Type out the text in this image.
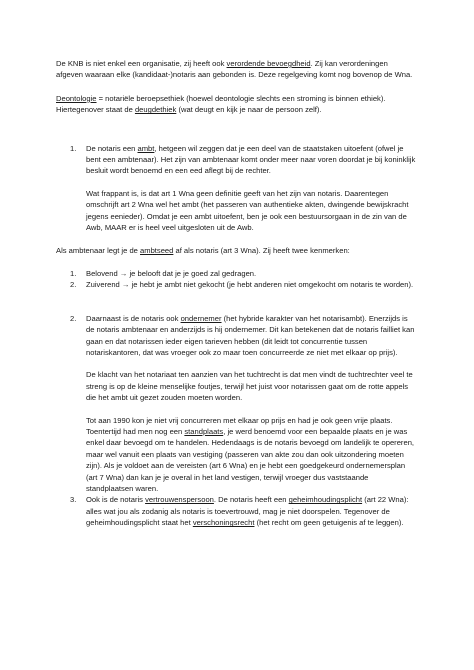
De KNB is niet enkel een organisatie, zij heeft ook verordende bevoegdheid. Zij kan verordeningen afgeven waaraan elke (kandidaat-)notaris aan gebonden is. Deze regelgeving komt nog bovenop de Wna.

Deontologie = notariële beroepsethiek (hoewel deontologie slechts een stroming is binnen ethiek). Hiertegenover staat de deugdethiek (wat deugt en kijk je naar de persoon zelf).

1. De notaris een ambt, hetgeen wil zeggen dat je een deel van de staatstaken uitoefent (ofwel je bent een ambtenaar). Het zijn van ambtenaar komt onder meer naar voren doordat je bij koninklijk besluit wordt benoemd en een eed aflegt bij de rechter.

Wat frappant is, is dat art 1 Wna geen definitie geeft van het zijn van notaris. Daarentegen omschrijft art 2 Wna wel het ambt (het passeren van authentieke akten, dwingende bewijskracht jegens eenieder). Omdat je een ambt uitoefent, ben je ook een bestuursorgaan in de zin van de Awb, MAAR er is heel veel uitgesloten uit de Awb.

Als ambtenaar legt je de ambtseed af als notaris (art 3 Wna). Zij heeft twee kenmerken:

1. Belovend → je belooft dat je je goed zal gedragen.
2. Zuiverend → je hebt je ambt niet gekocht (je hebt anderen niet omgekocht om notaris te worden).
2. Daarnaast is de notaris ook ondernemer (het hybride karakter van het notarisambt). Enerzijds is de notaris ambtenaar en anderzijds is hij ondernemer. Dit kan betekenen dat de notaris failliet kan gaan en dat notarissen ieder eigen tarieven hebben (dit leidt tot concurrentie tussen notariskantoren, dat was vroeger ook zo maar toen concurreerde ze niet met elkaar op prijs).

De klacht van het notariaat ten aanzien van het tuchtrecht is dat men vindt de tuchtrechter veel te streng is op de kleine menselijke foutjes, terwijl het juist voor notarissen gaat om de rotte appels die het ambt uit gezet zouden moeten worden.

Tot aan 1990 kon je niet vrij concurreren met elkaar op prijs en had je ook geen vrije plaats. Toentertijd had men nog een standplaats, je werd benoemd voor een bepaalde plaats en je was enkel daar bevoegd om te handelen. Hedendaags is de notaris bevoegd om landelijk te opereren, maar wel vanuit een plaats van vestiging (passeren van akte zou dan ook uitzondering moeten zijn). Als je voldoet aan de vereisten (art 6 Wna) en je hebt een goedgekeurd ondernemersplan (art 7 Wna) dan kan je je overal in het land vestigen, terwijl vroeger dus vaststaande standplaatsen waren.

3. Ook is de notaris vertrouwenspersoon. De notaris heeft een geheimhoudingsplicht (art 22 Wna): alles wat jou als zodanig als notaris is toevertrouwd, mag je niet doorspelen. Tegenover de geheimhoudingsplicht staat het verschoningsrecht (het recht om geen getuigenis af te leggen).
